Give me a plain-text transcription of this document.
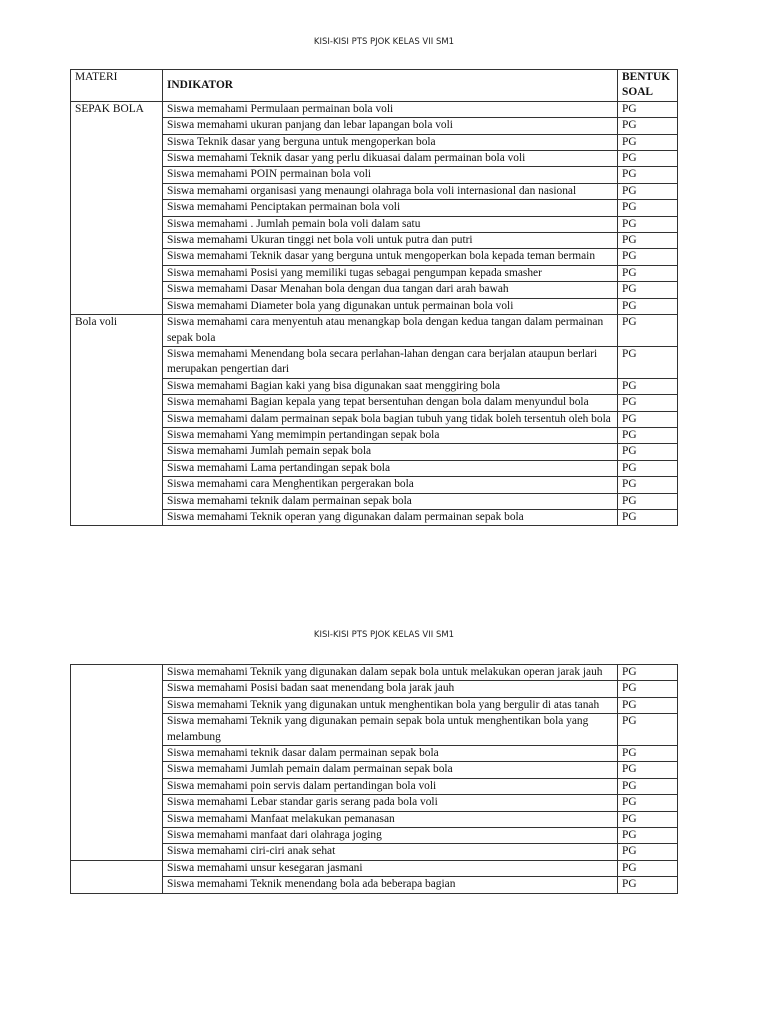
KISI-KISI PTS PJOK KELAS VII SM1
MATERI	INDIKATOR	BENTUK SOAL
SEPAK BOLA	Siswa memahami Permulaan permainan bola voli	PG
	Siswa memahami ukuran panjang dan lebar lapangan bola voli	PG
	Siswa Teknik dasar yang berguna untuk mengoperkan bola	PG
	Siswa memahami Teknik dasar yang perlu dikuasai dalam permainan bola voli	PG
	Siswa memahami POIN permainan bola voli	PG
	Siswa memahami organisasi yang menaungi olahraga bola voli internasional dan nasional	PG
	Siswa memahami Penciptakan permainan bola voli	PG
	Siswa memahami . Jumlah pemain bola voli dalam satu	PG
	Siswa memahami Ukuran tinggi net bola voli untuk putra dan putri	PG
	Siswa memahami Teknik dasar yang berguna untuk mengoperkan bola kepada teman bermain	PG
	Siswa memahami Posisi yang memiliki tugas sebagai pengumpan kepada smasher	PG
	Siswa memahami Dasar Menahan bola dengan dua tangan dari arah bawah	PG
	Siswa memahami Diameter bola yang digunakan untuk permainan bola voli	PG
Bola voli	Siswa memahami cara menyentuh atau menangkap bola dengan kedua tangan dalam permainan sepak bola	PG
	Siswa memahami Menendang bola secara perlahan-lahan dengan cara berjalan ataupun berlari merupakan pengertian dari	PG
	Siswa memahami Bagian kaki yang bisa digunakan saat menggiring bola	PG
	Siswa memahami Bagian kepala yang tepat bersentuhan dengan bola dalam menyundul bola	PG
	Siswa memahami dalam permainan sepak bola bagian tubuh yang tidak boleh tersentuh oleh bola	PG
	Siswa memahami Yang memimpin pertandingan sepak bola	PG
	Siswa memahami Jumlah pemain sepak bola	PG
	Siswa memahami Lama pertandingan sepak bola	PG
	Siswa memahami cara Menghentikan pergerakan bola	PG
	Siswa memahami teknik dalam permainan sepak bola	PG
	Siswa memahami Teknik operan yang digunakan dalam permainan sepak bola	PG
KISI-KISI PTS PJOK KELAS VII SM1
	Siswa memahami Teknik yang digunakan dalam sepak bola untuk melakukan operan jarak jauh	PG
	Siswa memahami Posisi badan saat menendang bola jarak jauh	PG
	Siswa memahami Teknik yang digunakan untuk menghentikan bola yang bergulir di atas tanah	PG
	Siswa memahami Teknik yang digunakan pemain sepak bola untuk menghentikan bola yang melambung	PG
	Siswa memahami teknik dasar dalam permainan sepak bola	PG
	Siswa memahami Jumlah pemain dalam permainan sepak bola	PG
	Siswa memahami poin servis dalam pertandingan bola voli	PG
	Siswa memahami Lebar standar garis serang pada bola voli	PG
	Siswa memahami Manfaat melakukan pemanasan	PG
	Siswa memahami manfaat dari olahraga joging	PG
	Siswa memahami ciri-ciri anak sehat	PG
	Siswa memahami unsur kesegaran jasmani	PG
	Siswa memahami Teknik menendang bola ada beberapa bagian	PG
